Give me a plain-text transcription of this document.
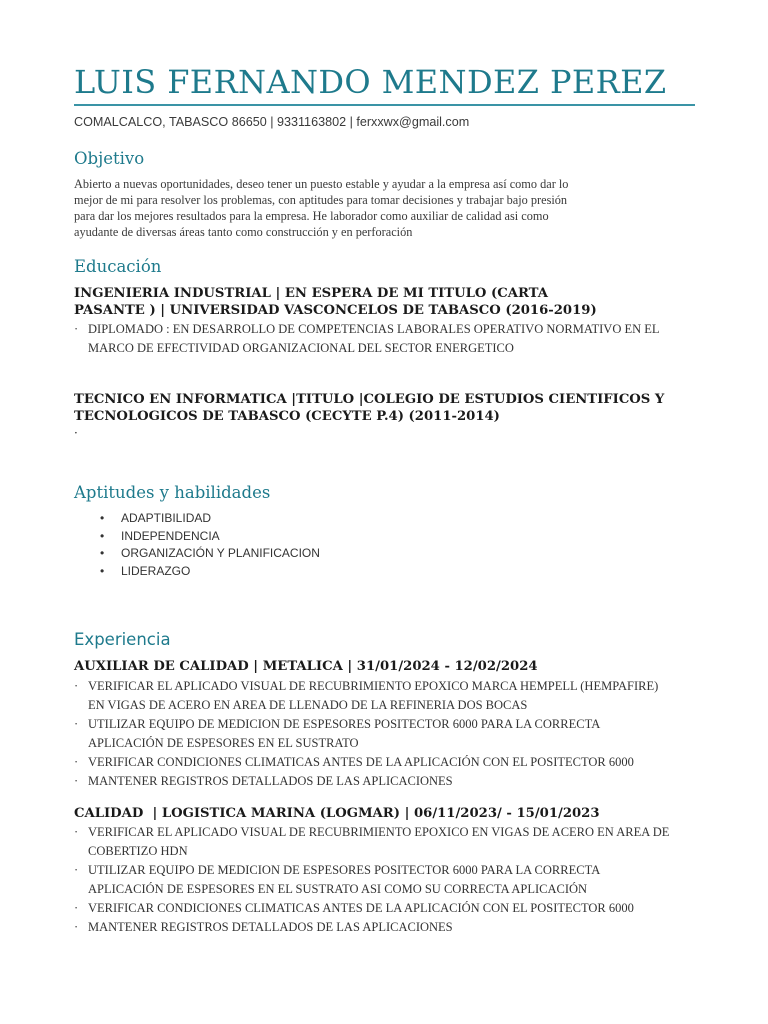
LUIS FERNANDO MENDEZ PEREZ
COMALCALCO, TABASCO 86650 | 9331163802 | ferxxwx@gmail.com
Objetivo
Abierto a nuevas oportunidades, deseo tener un puesto estable y ayudar a la empresa así como dar lo
mejor de mi para resolver los problemas, con aptitudes para tomar decisiones y trabajar bajo presión
para dar los mejores resultados para la empresa. He laborador como auxiliar de calidad asi como
ayudante de diversas áreas tanto como construcción y en perforación
Educación
INGENIERIA INDUSTRIAL | EN ESPERA DE MI TITULO (CARTA
PASANTE ) | UNIVERSIDAD VASCONCELOS DE TABASCO (2016-2019)
· DIPLOMADO : EN DESARROLLO DE COMPETENCIAS LABORALES OPERATIVO NORMATIVO EN EL
MARCO DE EFECTIVIDAD ORGANIZACIONAL DEL SECTOR ENERGETICO
TECNICO EN INFORMATICA |TITULO |COLEGIO DE ESTUDIOS CIENTIFICOS Y
TECNOLOGICOS DE TABASCO (CECYTE P.4) (2011-2014)
·
Aptitudes y habilidades
• ADAPTIBILIDAD
• INDEPENDENCIA
• ORGANIZACIÓN Y PLANIFICACION
• LIDERAZGO
Experiencia
AUXILIAR DE CALIDAD | METALICA | 31/01/2024 - 12/02/2024
· VERIFICAR EL APLICADO VISUAL DE RECUBRIMIENTO EPOXICO MARCA HEMPELL (HEMPAFIRE)
EN VIGAS DE ACERO EN AREA DE LLENADO DE LA REFINERIA DOS BOCAS
· UTILIZAR EQUIPO DE MEDICION DE ESPESORES POSITECTOR 6000 PARA LA CORRECTA
APLICACIÓN DE ESPESORES EN EL SUSTRATO
· VERIFICAR CONDICIONES CLIMATICAS ANTES DE LA APLICACIÓN CON EL POSITECTOR 6000
· MANTENER REGISTROS DETALLADOS DE LAS APLICACIONES
CALIDAD  | LOGISTICA MARINA (LOGMAR) | 06/11/2023/ - 15/01/2023
· VERIFICAR EL APLICADO VISUAL DE RECUBRIMIENTO EPOXICO EN VIGAS DE ACERO EN AREA DE
COBERTIZO HDN
· UTILIZAR EQUIPO DE MEDICION DE ESPESORES POSITECTOR 6000 PARA LA CORRECTA
APLICACIÓN DE ESPESORES EN EL SUSTRATO ASI COMO SU CORRECTA APLICACIÓN
· VERIFICAR CONDICIONES CLIMATICAS ANTES DE LA APLICACIÓN CON EL POSITECTOR 6000
· MANTENER REGISTROS DETALLADOS DE LAS APLICACIONES
